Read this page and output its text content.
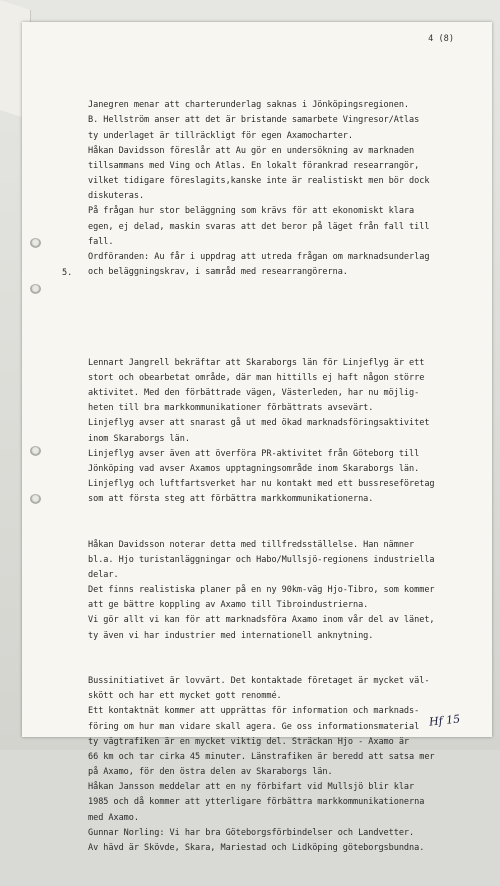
4 (8)
5.

Janegren menar att charterunderlag saknas i Jönköpingsregionen.
B. Hellström anser att det är bristande samarbete Vingresor/Atlas
ty underlaget är tillräckligt för egen Axamocharter.
Håkan Davidsson föreslår att Au gör en undersökning av marknaden
tillsammans med Ving och Atlas. En lokalt förankrad researrangör,
vilket tidigare föreslagits,kanske inte är realistiskt men bör dock
diskuteras.
På frågan hur stor beläggning som krävs för att ekonomiskt klara
egen, ej delad, maskin svaras att det beror på läget från fall till
fall.
Ordföranden: Au får i uppdrag att utreda frågan om marknadsunderlag
och beläggningskrav, i samråd med researrangörerna.

Lennart Jangrell bekräftar att Skaraborgs län för Linjeflyg är ett
stort och obearbetat område, där man hittills ej haft någon större
aktivitet. Med den förbättrade vägen, Västerleden, har nu möjlig-
heten till bra markkommunikationer förbättrats avsevärt.
Linjeflyg avser att snarast gå ut med ökad marknadsföringsaktivitet
inom Skaraborgs län.
Linjeflyg avser även att överföra PR-aktivitet från Göteborg till
Jönköping vad avser Axamos upptagningsområde inom Skaraborgs län.
Linjeflyg och luftfartsverket har nu kontakt med ett bussreseföretag
som att första steg att förbättra markkommunikationerna.

Håkan Davidsson noterar detta med tillfredsställelse. Han nämner
bl.a. Hjo turistanläggningar och Habo/Mullsjö-regionens industriella
delar.
Det finns realistiska planer på en ny 90km-väg Hjo-Tibro, som kommer
att ge bättre koppling av Axamo till Tibroindustrierna.
Vi gör allt vi kan för att marknadsföra Axamo inom vår del av länet,
ty även vi har industrier med internationell anknytning.

Bussinitiativet är lovvärt. Det kontaktade företaget är mycket väl-
skött och har ett mycket gott renommé.
Ett kontaktnät kommer att upprättas för information och marknads-
föring om hur man vidare skall agera. Ge oss informationsmaterial
ty vägtrafiken är en mycket viktig del. Sträckan Hjo - Axamo är
66 km och tar cirka 45 minuter. Länstrafiken är beredd att satsa mer
på Axamo, för den östra delen av Skaraborgs län.
Håkan Jansson meddelar att en ny förbifart vid Mullsjö blir klar
1985 och då kommer att ytterligare förbättra markkommunikationerna
med Axamo.
Gunnar Norling: Vi har bra Göteborgsförbindelser och Landvetter.
Av hävd är Skövde, Skara, Mariestad och Lidköping göteborgsbundna.

Hf 15
